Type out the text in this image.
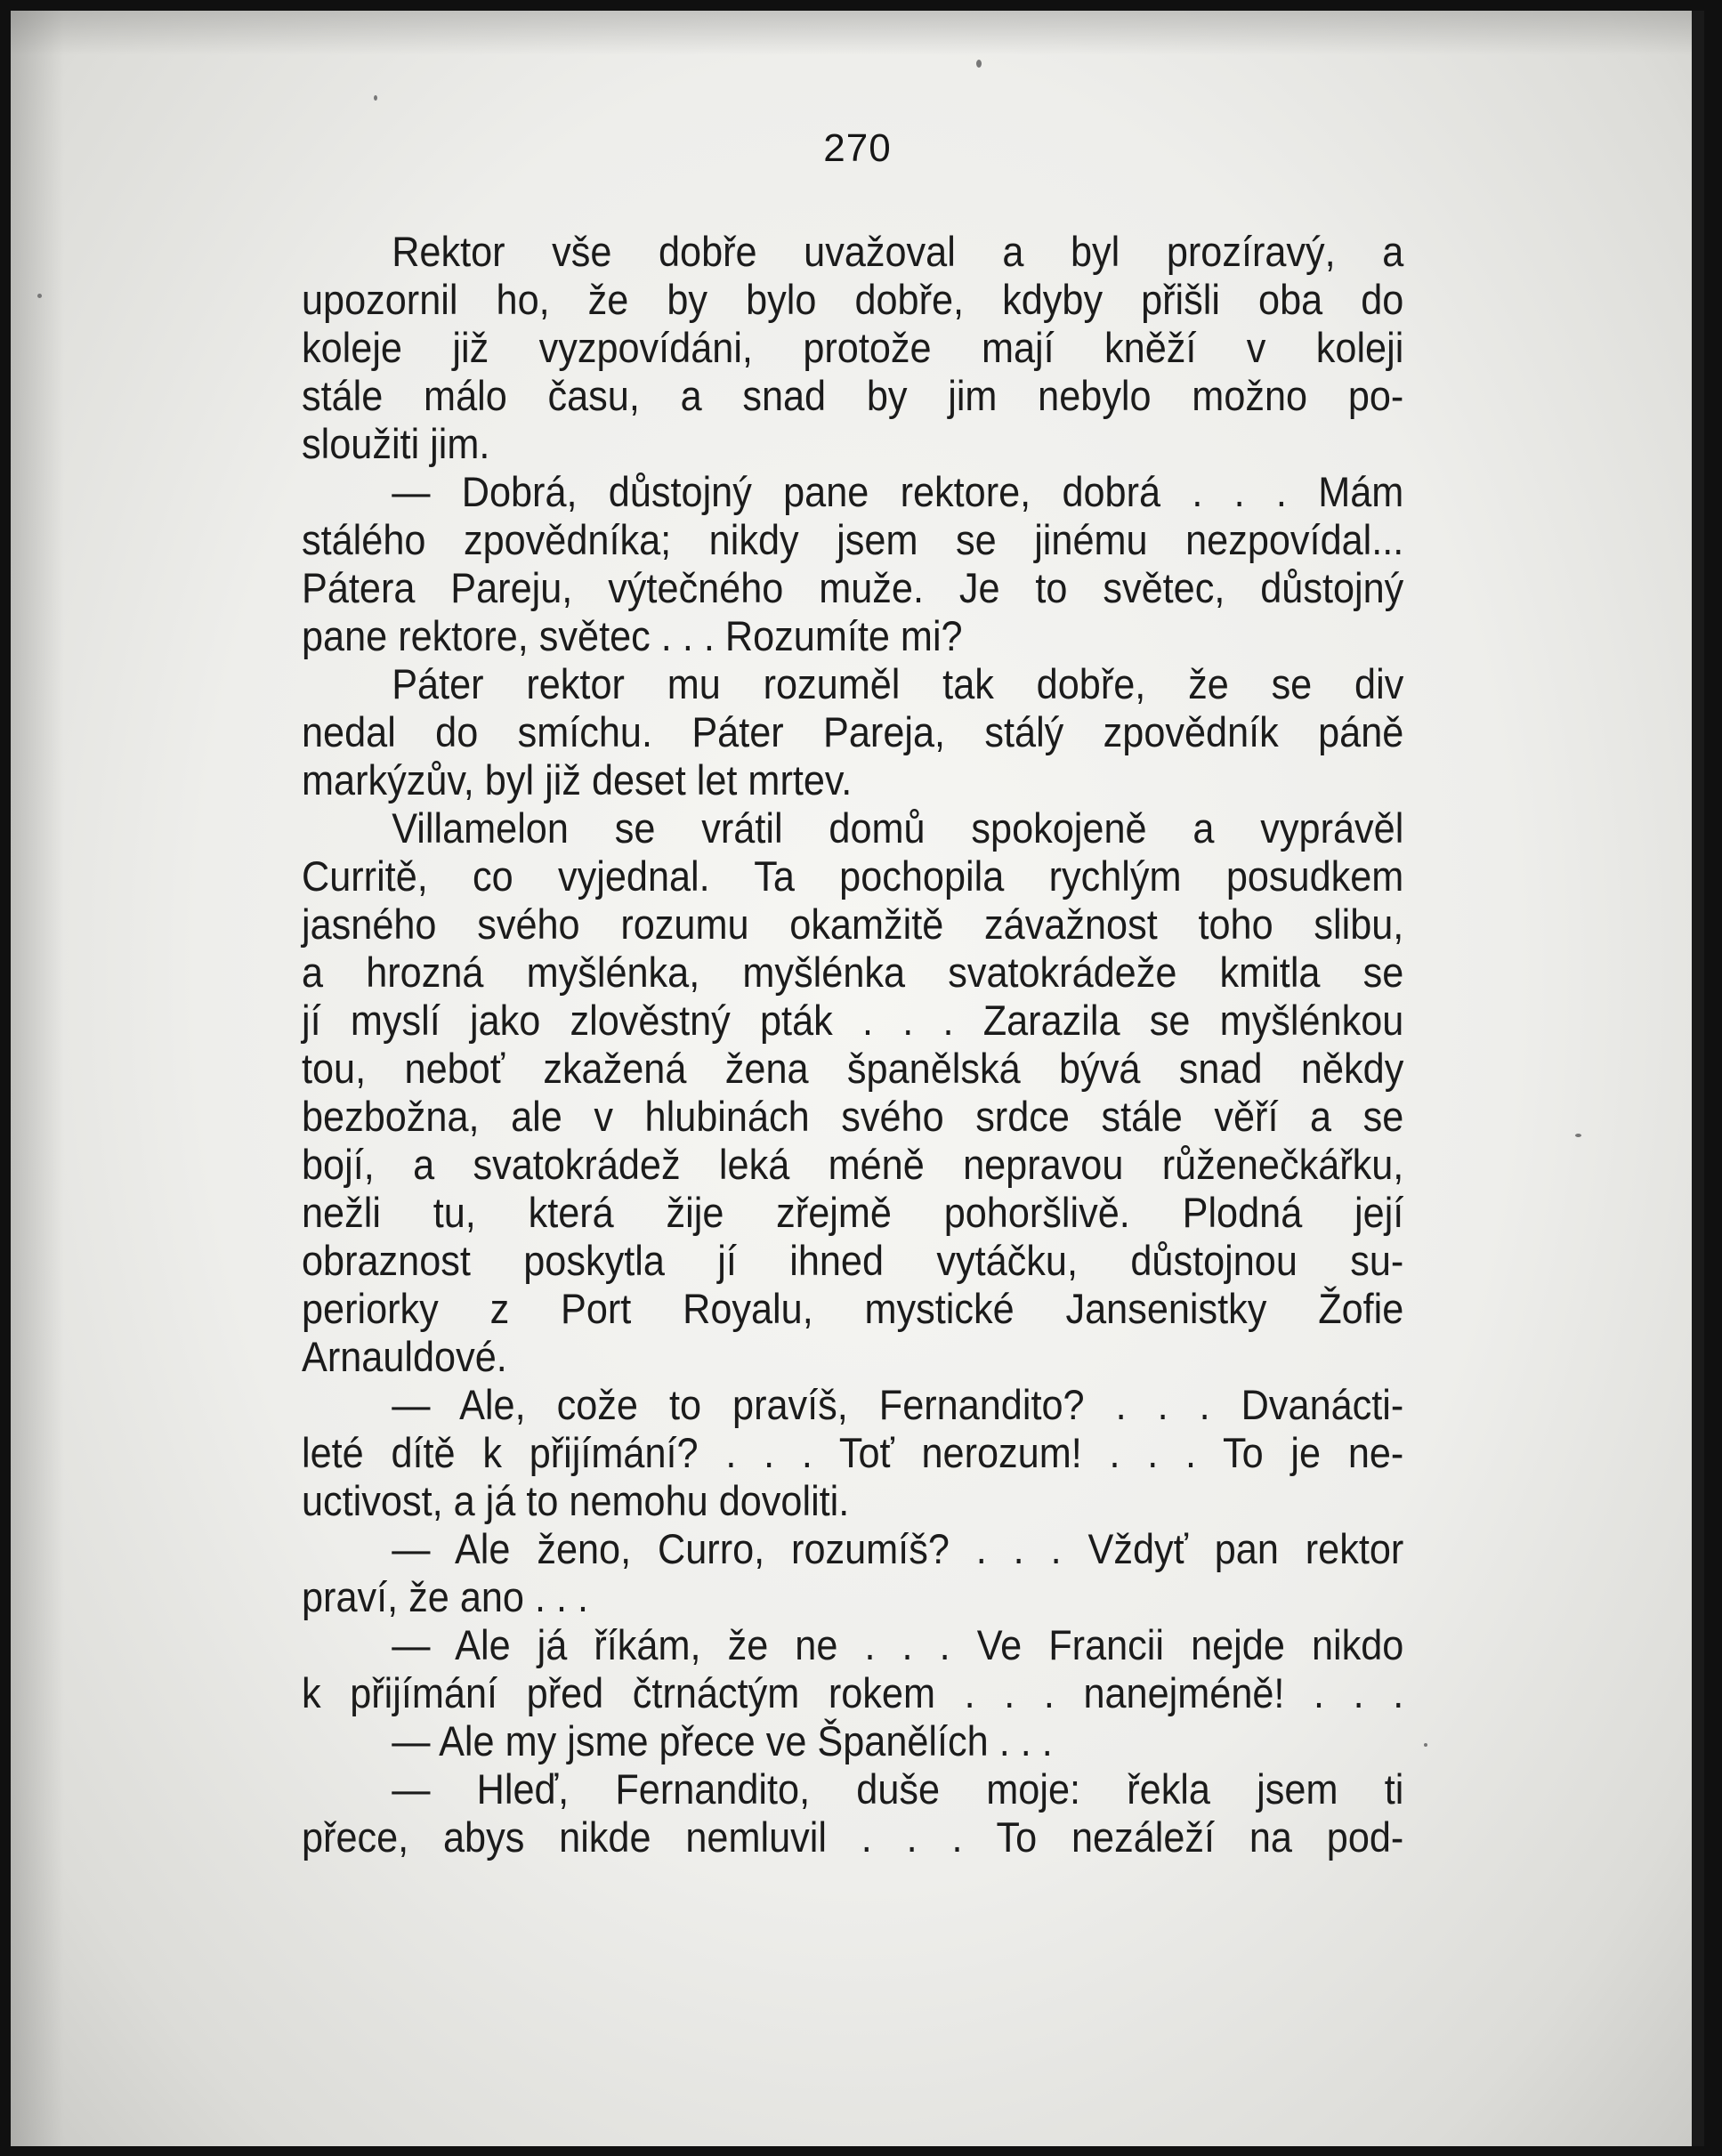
270
Rektor vše dobře uvažoval a byl prozíravý, a
upozornil ho, že by bylo dobře, kdyby přišli oba do
koleje již vyzpovídáni, protože mají kněží v koleji
stále málo času, a snad by jim nebylo možno po-
sloužiti jim.
— Dobrá, důstojný pane rektore, dobrá . . . Mám
stálého zpovědníka; nikdy jsem se jinému nezpovídal...
Pátera Pareju, výtečného muže. Je to světec, důstojný
pane rektore, světec . . . Rozumíte mi?
Páter rektor mu rozuměl tak dobře, že se div
nedal do smíchu. Páter Pareja, stálý zpovědník páně
markýzův, byl již deset let mrtev.
Villamelon se vrátil domů spokojeně a vyprávěl
Curritě, co vyjednal. Ta pochopila rychlým posudkem
jasného svého rozumu okamžitě závažnost toho slibu,
a hrozná myšlénka, myšlénka svatokrádeže kmitla se
jí myslí jako zlověstný pták . . . Zarazila se myšlénkou
tou, neboť zkažená žena španělská bývá snad někdy
bezbožna, ale v hlubinách svého srdce stále věří a se
bojí, a svatokrádež leká méně nepravou růženečkářku,
nežli tu, která žije zřejmě pohoršlivě. Plodná její
obraznost poskytla jí ihned vytáčku, důstojnou su-
periorky z Port Royalu, mystické Jansenistky Žofie
Arnauldové.
— Ale, cože to pravíš, Fernandito? . . . Dvanácti-
leté dítě k přijímání? . . . Toť nerozum! . . . To je ne-
uctivost, a já to nemohu dovoliti.
— Ale ženo, Curro, rozumíš? . . . Vždyť pan rektor
praví, že ano . . .
— Ale já říkám, že ne . . . Ve Francii nejde nikdo
k přijímání před čtrnáctým rokem . . . nanejméně! . . .
— Ale my jsme přece ve Španělích . . .
— Hleď, Fernandito, duše moje: řekla jsem ti
přece, abys nikde nemluvil . . . To nezáleží na pod-
